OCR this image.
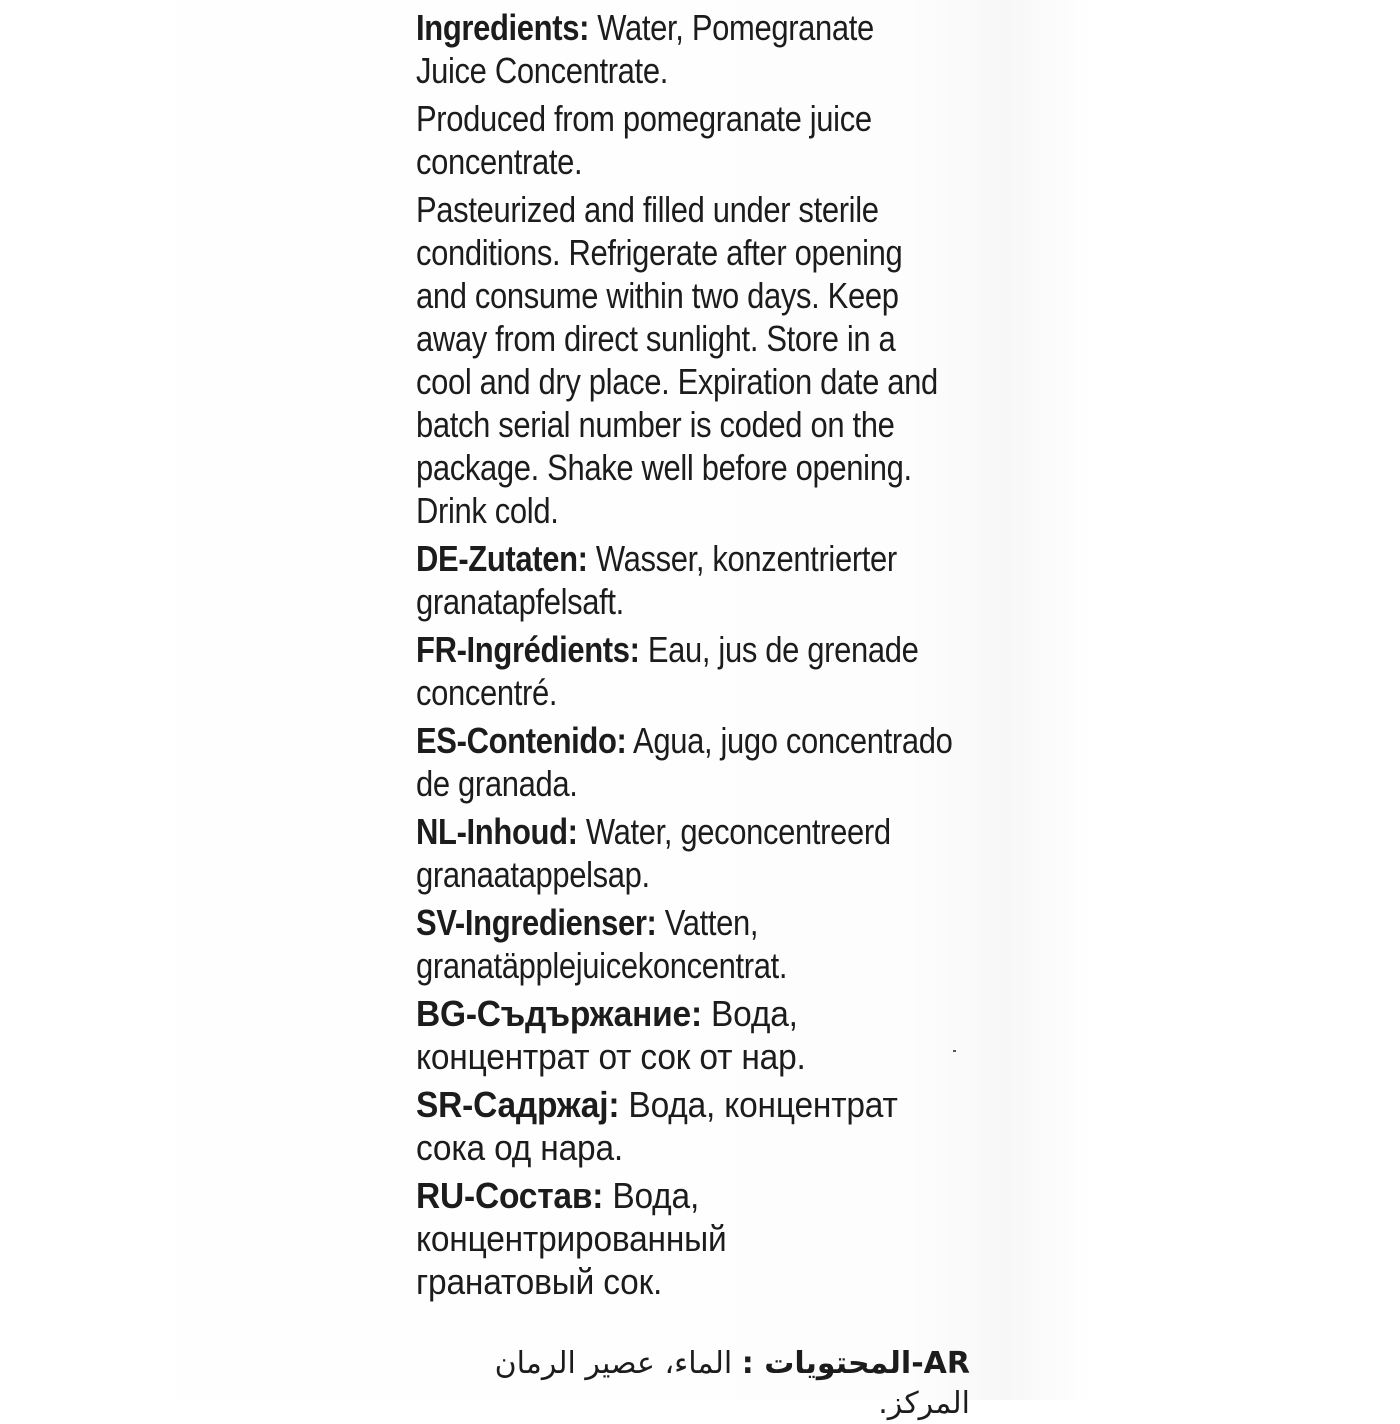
Ingredients: Water, Pomegranate
Juice Concentrate.

Produced from pomegranate juice
concentrate.

Pasteurized and filled under sterile
conditions. Refrigerate after opening
and consume within two days. Keep
away from direct sunlight. Store in a
cool and dry place. Expiration date and
batch serial number is coded on the
package. Shake well before opening.
Drink cold.

DE-Zutaten: Wasser, konzentrierter
granatapfelsaft.

FR-Ingrédients: Eau, jus de grenade
concentré.

ES-Contenido: Agua, jugo concentrado
de granada.

NL-Inhoud: Water, geconcentreerd
granaatappelsap.

SV-Ingredienser: Vatten,
granatäpplejuicekoncentrat.

BG-Съдържание: Вода,
концентрат от сок от нар.

SR-Садржај: Вода, концентрат
сока од нара.

RU-Состав: Вода,
концентрированный
гранатовый сок.

AR-المحتويات : الماء، عصير الرمان المركز.
